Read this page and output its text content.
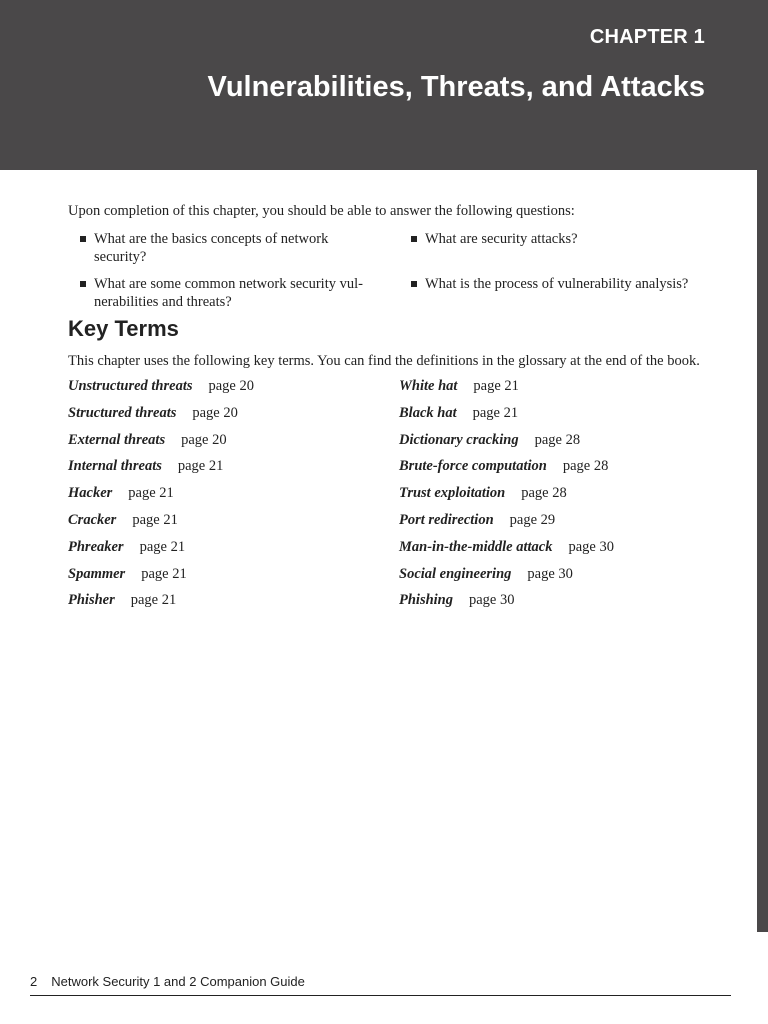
CHAPTER 1
Vulnerabilities, Threats, and Attacks
Upon completion of this chapter, you should be able to answer the following questions:
What are the basics concepts of network security?
What are security attacks?
What are some common network security vul-nerabilities and threats?
What is the process of vulnerability analysis?
Key Terms
This chapter uses the following key terms. You can find the definitions in the glossary at the end of the book.
Unstructured threats page 20	White hat page 21
Structured threats page 20	Black hat page 21
External threats page 20	Dictionary cracking page 28
Internal threats page 21	Brute-force computation page 28
Hacker page 21	Trust exploitation page 28
Cracker page 21	Port redirection page 29
Phreaker page 21	Man-in-the-middle attack page 30
Spammer page 21	Social engineering page 30
Phisher page 21	Phishing page 30
2 Network Security 1 and 2 Companion Guide
